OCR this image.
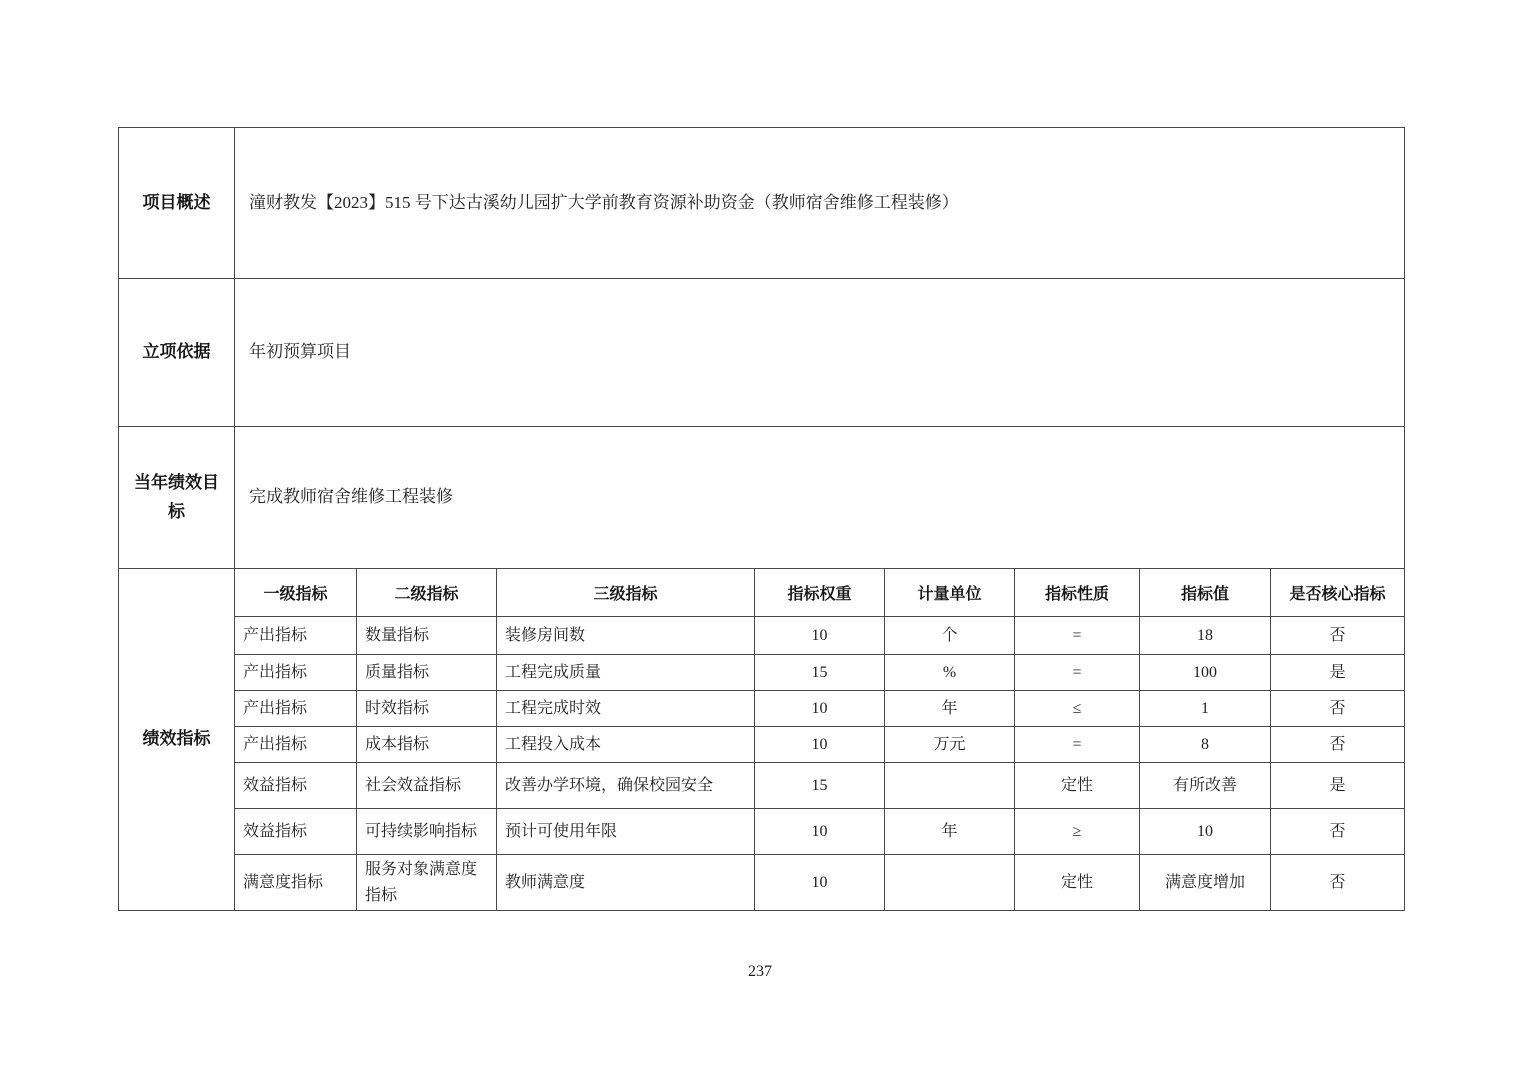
项目概述	潼财教发【2023】515 号下达古溪幼儿园扩大学前教育资源补助资金（教师宿舍维修工程装修）							
立项依据	年初预算项目							
当年绩效目标	完成教师宿舍维修工程装修							
绩效指标	一级指标	二级指标	三级指标	指标权重	计量单位	指标性质	指标值	是否核心指标
	产出指标	数量指标	装修房间数	10	个	=	18	否
	产出指标	质量指标	工程完成质量	15	%	=	100	是
	产出指标	时效指标	工程完成时效	10	年	≤	1	否
	产出指标	成本指标	工程投入成本	10	万元	=	8	否
	效益指标	社会效益指标	改善办学环境，确保校园安全	15		定性	有所改善	是
	效益指标	可持续影响指标	预计可使用年限	10	年	≥	10	否
	满意度指标	服务对象满意度指标	教师满意度	10		定性	满意度增加	否
237
